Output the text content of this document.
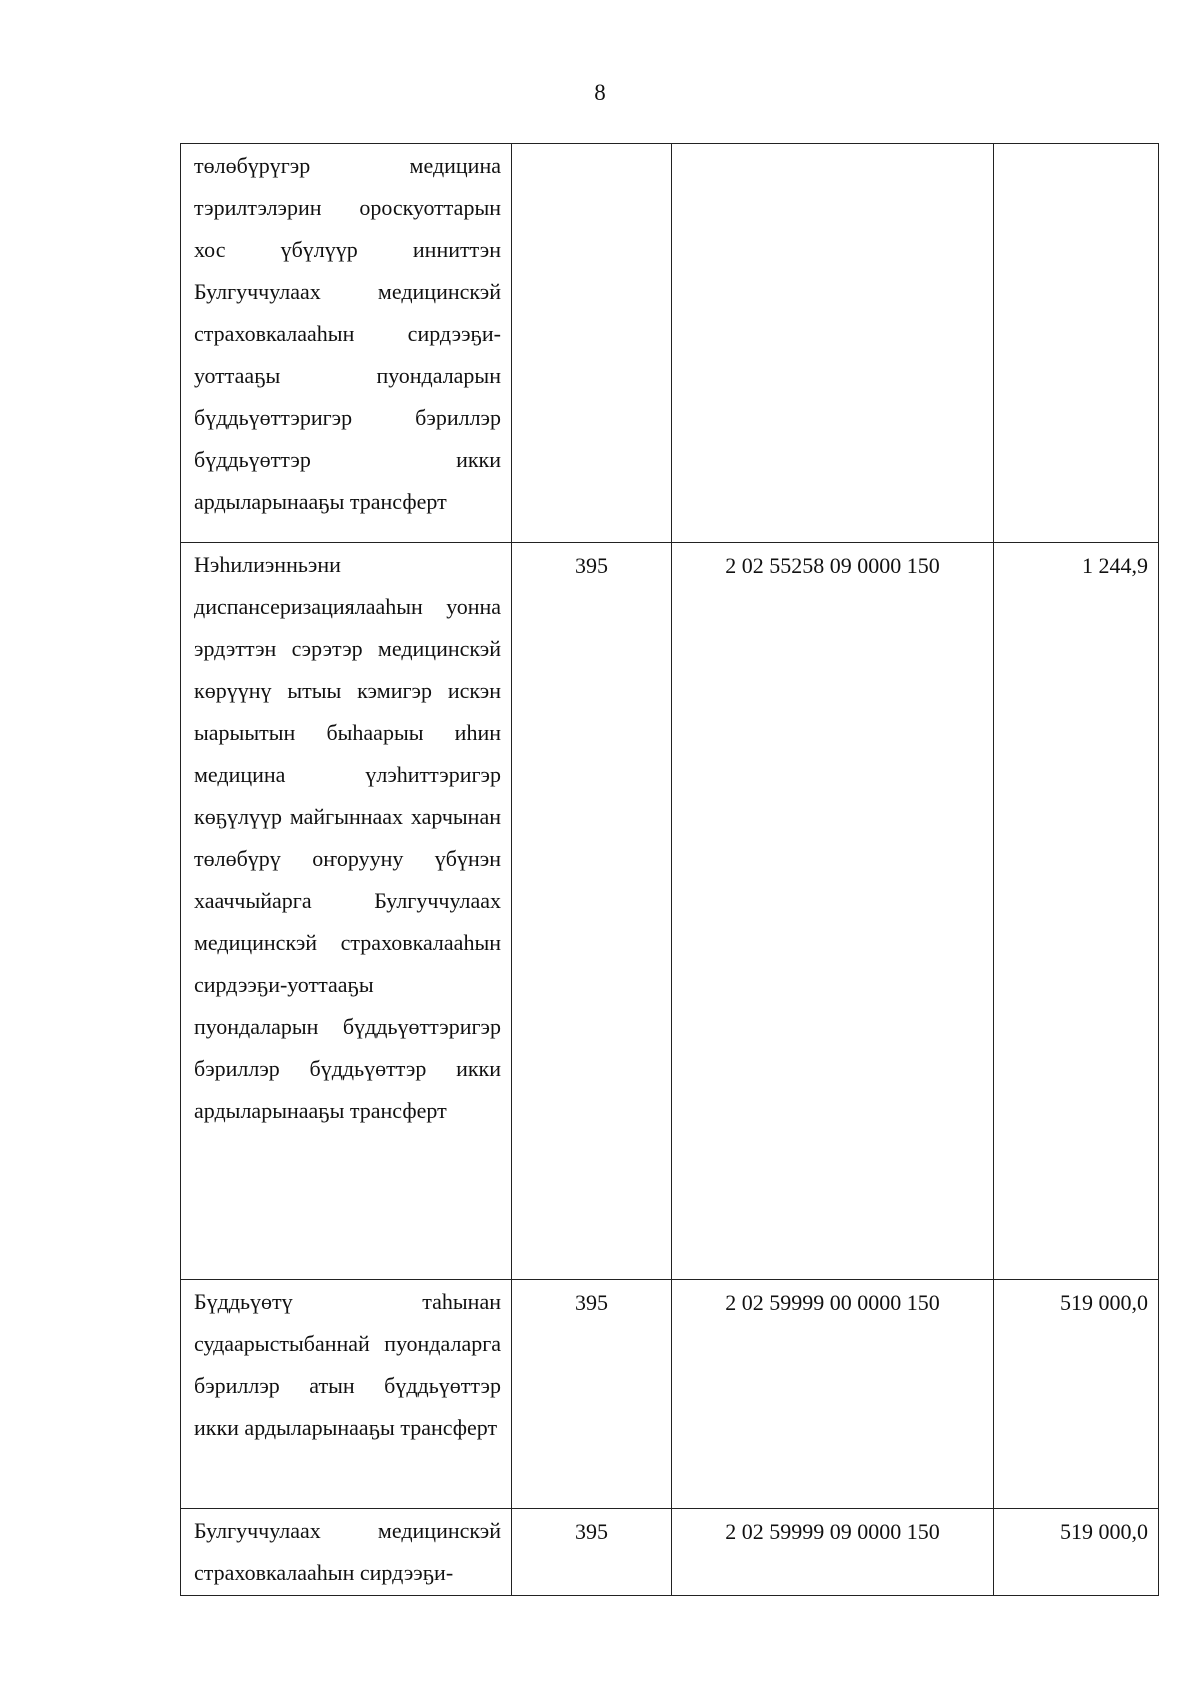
8
төлөбүрүгэр медицина тэрилтэлэрин ороскуоттарын хос үбүлүүр инниттэн Булгуччулаах медицинскэй страховкалааһын сирдээҕи-уоттааҕы пуондаларын бүддьүөттэригэр бэриллэр бүддьүөттэр икки ардыларынааҕы трансферт			

Нэһилиэнньэни диспансеризациялааһын уонна эрдэттэн сэрэтэр медицинскэй көрүүнү ытыы кэмигэр искэн ыарыытын быһаарыы иһин медицина үлэһиттэригэр көҕүлүүр майгыннаах харчынан төлөбүрү оҥорууну үбүнэн хааччыйарга Булгуччулаах медицинскэй страховкалааһын сирдээҕи-уоттааҕы пуондаларын бүддьүөттэригэр бэриллэр бүддьүөттэр икки ардыларынааҕы трансферт	395	2 02 55258 09 0000 150	1 244,9

Бүддьүөтү таһынан судаарыстыбаннай пуондаларга бэриллэр атын бүддьүөттэр икки ардыларынааҕы трансферт	395	2 02 59999 00 0000 150	519 000,0

Булгуччулаах медицинскэй страховкалааһын сирдээҕи-	395	2 02 59999 09 0000 150	519 000,0
